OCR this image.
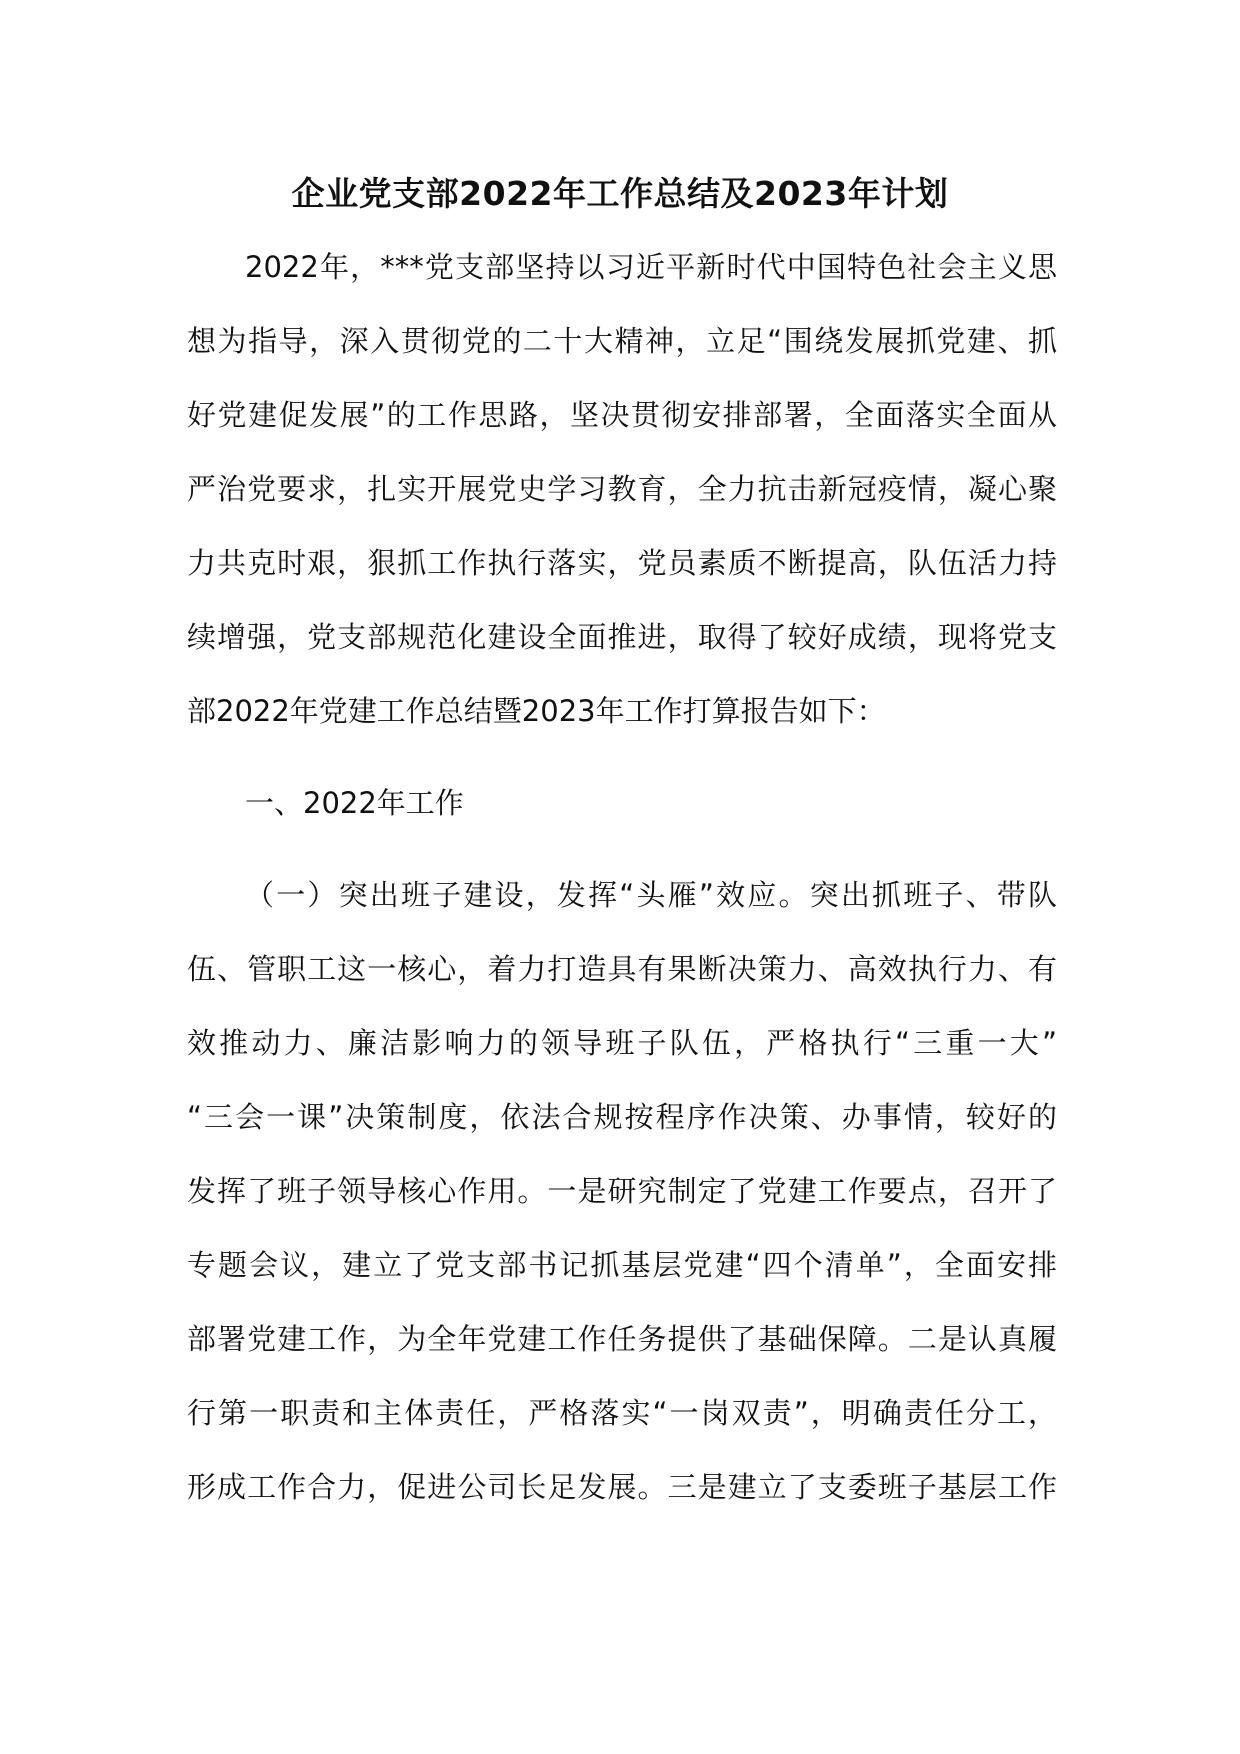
企业党支部2022年工作总结及2023年计划
2022年，***党支部坚持以习近平新时代中国特色社会主义思
想为指导，深入贯彻党的二十大精神，立足“围绕发展抓党建、抓
好党建促发展”的工作思路，坚决贯彻安排部署，全面落实全面从
严治党要求，扎实开展党史学习教育，全力抗击新冠疫情，凝心聚
力共克时艰，狠抓工作执行落实，党员素质不断提高，队伍活力持
续增强，党支部规范化建设全面推进，取得了较好成绩，现将党支
部2022年党建工作总结暨2023年工作打算报告如下：
一、2022年工作
（一）突出班子建设，发挥“头雁”效应。突出抓班子、带队
伍、管职工这一核心，着力打造具有果断决策力、高效执行力、有
效推动力、廉洁影响力的领导班子队伍，严格执行“三重一大”
“三会一课”决策制度，依法合规按程序作决策、办事情，较好的
发挥了班子领导核心作用。一是研究制定了党建工作要点，召开了
专题会议，建立了党支部书记抓基层党建“四个清单”，全面安排
部署党建工作，为全年党建工作任务提供了基础保障。二是认真履
行第一职责和主体责任，严格落实“一岗双责”，明确责任分工，
形成工作合力，促进公司长足发展。三是建立了支委班子基层工作
